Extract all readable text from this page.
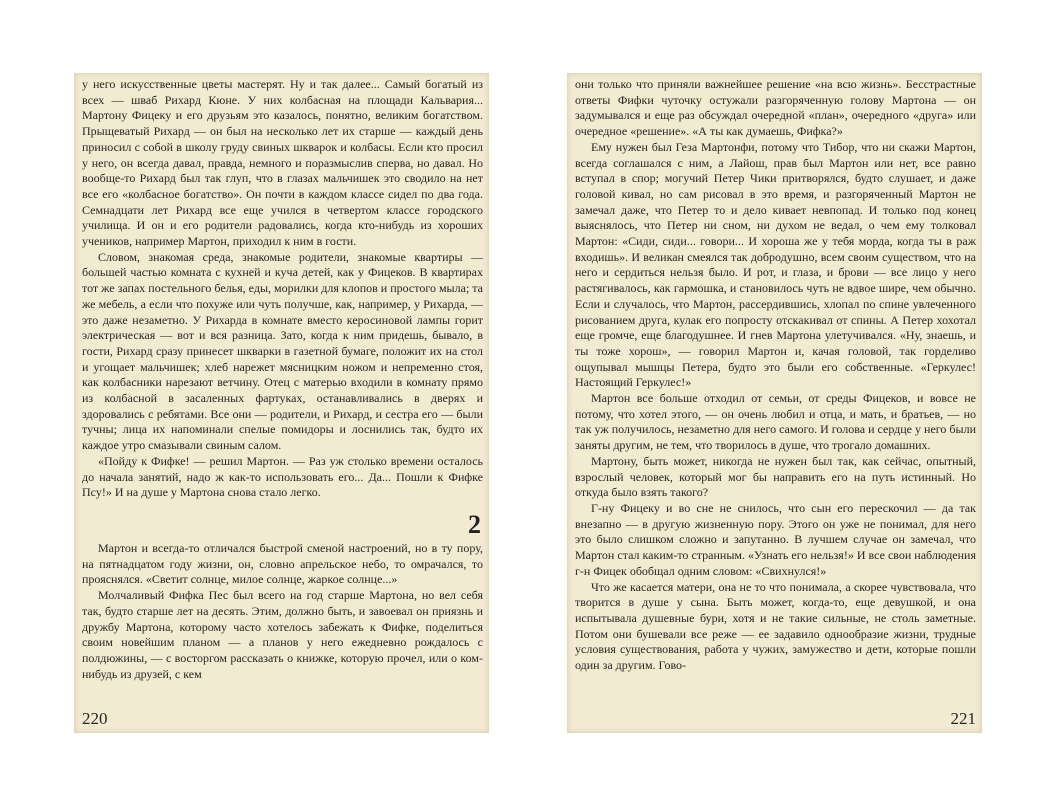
у него искусственные цветы мастерят. Ну и так далее... Самый богатый из всех — шваб Рихард Кюне. У них колбасная на площади Кальвария... Мартону Фицеку и его друзьям это казалось, понятно, великим богатством. Прыщеватый Рихард — он был на несколько лет их старше — каждый день приносил с собой в школу груду свиных шкварок и колбасы. Если кто просил у него, он всегда давал, правда, немного и поразмыслив сперва, но давал. Но вообще-то Рихард был так глуп, что в глазах мальчишек это сводило на нет все его «колбасное богатство». Он почти в каждом классе сидел по два года. Семнадцати лет Рихард все еще учился в четвертом классе городского училища. И он и его родители радовались, когда кто-нибудь из хороших учеников, например Мартон, приходил к ним в гости.

Словом, знакомая среда, знакомые родители, знакомые квартиры — большей частью комната с кухней и куча детей, как у Фицеков. В квартирах тот же запах постельного белья, еды, морилки для клопов и простого мыла; та же мебель, а если что похуже или чуть получше, как, например, у Рихарда, — это даже незаметно. У Рихарда в комнате вместо керосиновой лампы горит электрическая — вот и вся разница. Зато, когда к ним придешь, бывало, в гости, Рихард сразу принесет шкварки в газетной бумаге, положит их на стол и угощает мальчишек; хлеб нарежет мясницким ножом и непременно стоя, как колбасники нарезают ветчину. Отец с матерью входили в комнату прямо из колбасной в засаленных фартуках, останавливались в дверях и здоровались с ребятами. Все они — родители, и Рихард, и сестра его — были тучны; лица их напоминали спелые помидоры и лоснились так, будто их каждое утро смазывали свиным салом.

«Пойду к Фифке! — решил Мартон. — Раз уж столько времени осталось до начала занятий, надо ж как-то использовать его... Да... Пошли к Фифке Псу!» И на душе у Мартона снова стало легко.

2

Мартон и всегда-то отличался быстрой сменой настроений, но в ту пору, на пятнадцатом году жизни, он, словно апрельское небо, то омрачался, то прояснялся. «Светит солнце, милое солнце, жаркое солнце...»

Молчаливый Фифка Пес был всего на год старше Мартона, но вел себя так, будто старше лет на десять. Этим, должно быть, и завоевал он приязнь и дружбу Мартона, которому часто хотелось забежать к Фифке, поделиться своим новейшим планом — а планов у него ежедневно рождалось с полдюжины, — с восторгом рассказать о книжке, которую прочел, или о ком-нибудь из друзей, с кем

220

они только что приняли важнейшее решение «на всю жизнь». Бесстрастные ответы Фифки чуточку остужали разгоряченную голову Мартона — он задумывался и еще раз обсуждал очередной «план», очередного «друга» или очередное «решение». «А ты как думаешь, Фифка?»

Ему нужен был Геза Мартонфи, потому что Тибор, что ни скажи Мартон, всегда соглашался с ним, а Лайош, прав был Мартон или нет, все равно вступал в спор; могучий Петер Чики притворялся, будто слушает, и даже головой кивал, но сам рисовал в это время, и разгоряченный Мартон не замечал даже, что Петер то и дело кивает невпопад. И только под конец выяснялось, что Петер ни сном, ни духом не ведал, о чем ему толковал Мартон: «Сиди, сиди... говори... И хороша же у тебя морда, когда ты в раж входишь». И великан смеялся так добродушно, всем своим существом, что на него и сердиться нельзя было. И рот, и глаза, и брови — все лицо у него растягивалось, как гармошка, и становилось чуть не вдвое шире, чем обычно. Если и случалось, что Мартон, рассердившись, хлопал по спине увлеченного рисованием друга, кулак его попросту отскакивал от спины. А Петер хохотал еще громче, еще благодушнее. И гнев Мартона улетучивался. «Ну, знаешь, и ты тоже хорош», — говорил Мартон и, качая головой, так горделиво ощупывал мышцы Петера, будто это были его собственные. «Геркулес! Настоящий Геркулес!»

Мартон все больше отходил от семьи, от среды Фицеков, и вовсе не потому, что хотел этого, — он очень любил и отца, и мать, и братьев, — но так уж получилось, незаметно для него самого. И голова и сердце у него были заняты другим, не тем, что творилось в душе, что трогало домашних.

Мартону, быть может, никогда не нужен был так, как сейчас, опытный, взрослый человек, который мог бы направить его на путь истинный. Но откуда было взять такого?

Г-ну Фицеку и во сне не снилось, что сын его перескочил — да так внезапно — в другую жизненную пору. Этого он уже не понимал, для него это было слишком сложно и запутанно. В лучшем случае он замечал, что Мартон стал каким-то странным. «Узнать его нельзя!» И все свои наблюдения г-н Фицек обобщал одним словом: «Свихнулся!»

Что же касается матери, она не то что понимала, а скорее чувствовала, что творится в душе у сына. Быть может, когда-то, еще девушкой, и она испытывала душевные бури, хотя и не такие сильные, не столь заметные. Потом они бушевали все реже — ее задавило однообразие жизни, трудные условия существования, работа у чужих, замужество и дети, которые пошли один за другим. Гово-

221
